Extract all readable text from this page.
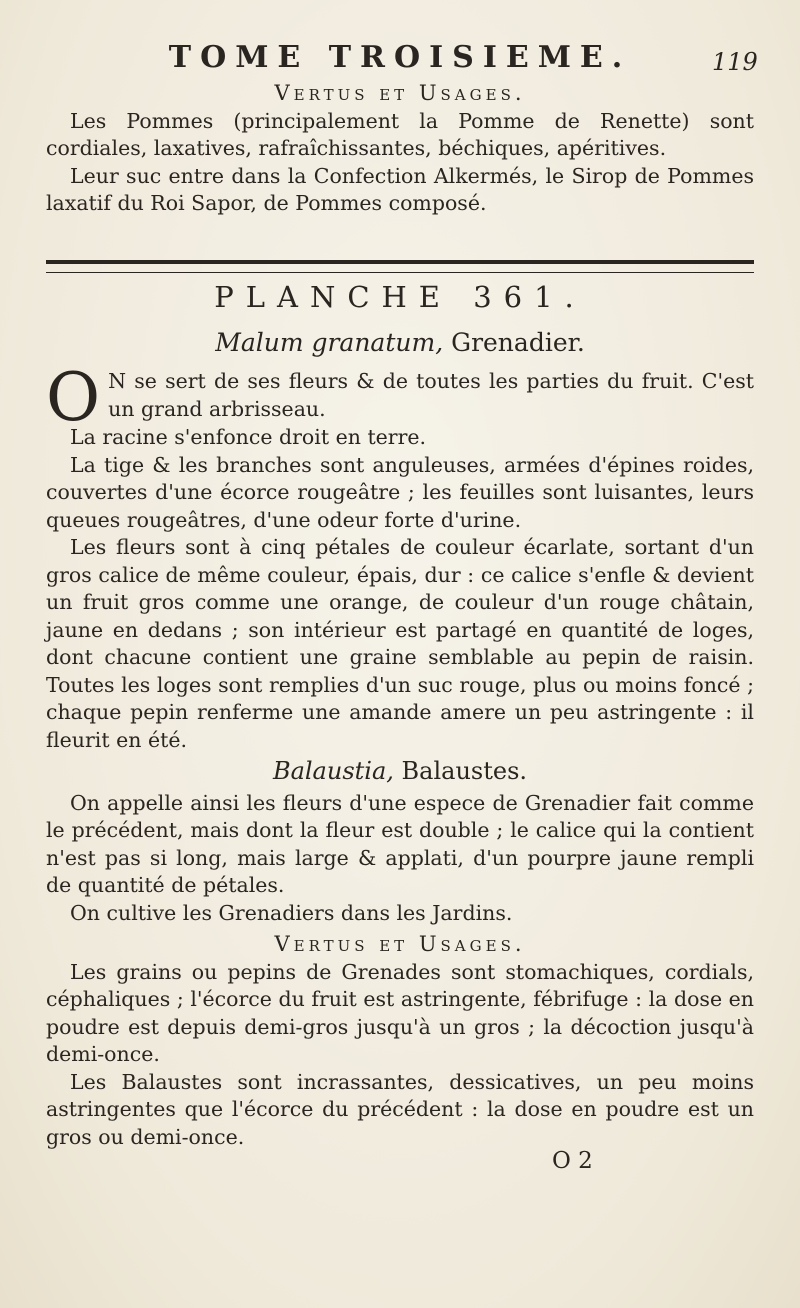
TOME TROISIEME.	119
Vertus et Usages.

Les Pommes (principalement la Pomme de Renette) sont cordiales, laxatives, rafraîchissantes, béchiques, apéritives.

Leur suc entre dans la Confection Alkermés, le Sirop de Pommes laxatif du Roi Sapor, de Pommes composé.

PLANCHE 361.
Malum granatum, Grenadier.
O N se sert de ses fleurs & de toutes les parties du fruit. C'est un grand arbrisseau.

La racine s'enfonce droit en terre.

La tige & les branches sont anguleuses, armées d'épines roides, couvertes d'une écorce rougeâtre ; les feuilles sont luisantes, leurs queues rougeâtres, d'une odeur forte d'urine.

Les fleurs sont à cinq pétales de couleur écarlate, sortant d'un gros calice de même couleur, épais, dur : ce calice s'enfle & devient un fruit gros comme une orange, de couleur d'un rouge châtain, jaune en dedans ; son intérieur est partagé en quantité de loges, dont chacune contient une graine semblable au pepin de raisin. Toutes les loges sont remplies d'un suc rouge, plus ou moins foncé ; chaque pepin renferme une amande amere un peu astringente : il fleurit en été.

Balaustia, Balaustes.

On appelle ainsi les fleurs d'une espece de Grenadier fait comme le précédent, mais dont la fleur est double ; le calice qui la contient n'est pas si long, mais large & applati, d'un pourpre jaune rempli de quantité de pétales.

On cultive les Grenadiers dans les Jardins.

Vertus et Usages.

Les grains ou pepins de Grenades sont stomachiques, cordials, céphaliques ; l'écorce du fruit est astringente, fébrifuge : la dose en poudre est depuis demi-gros jusqu'à un gros ; la décoction jusqu'à demi-once.

Les Balaustes sont incrassantes, dessicatives, un peu moins astringentes que l'écorce du précédent : la dose en poudre est un gros ou demi-once.

O 2
